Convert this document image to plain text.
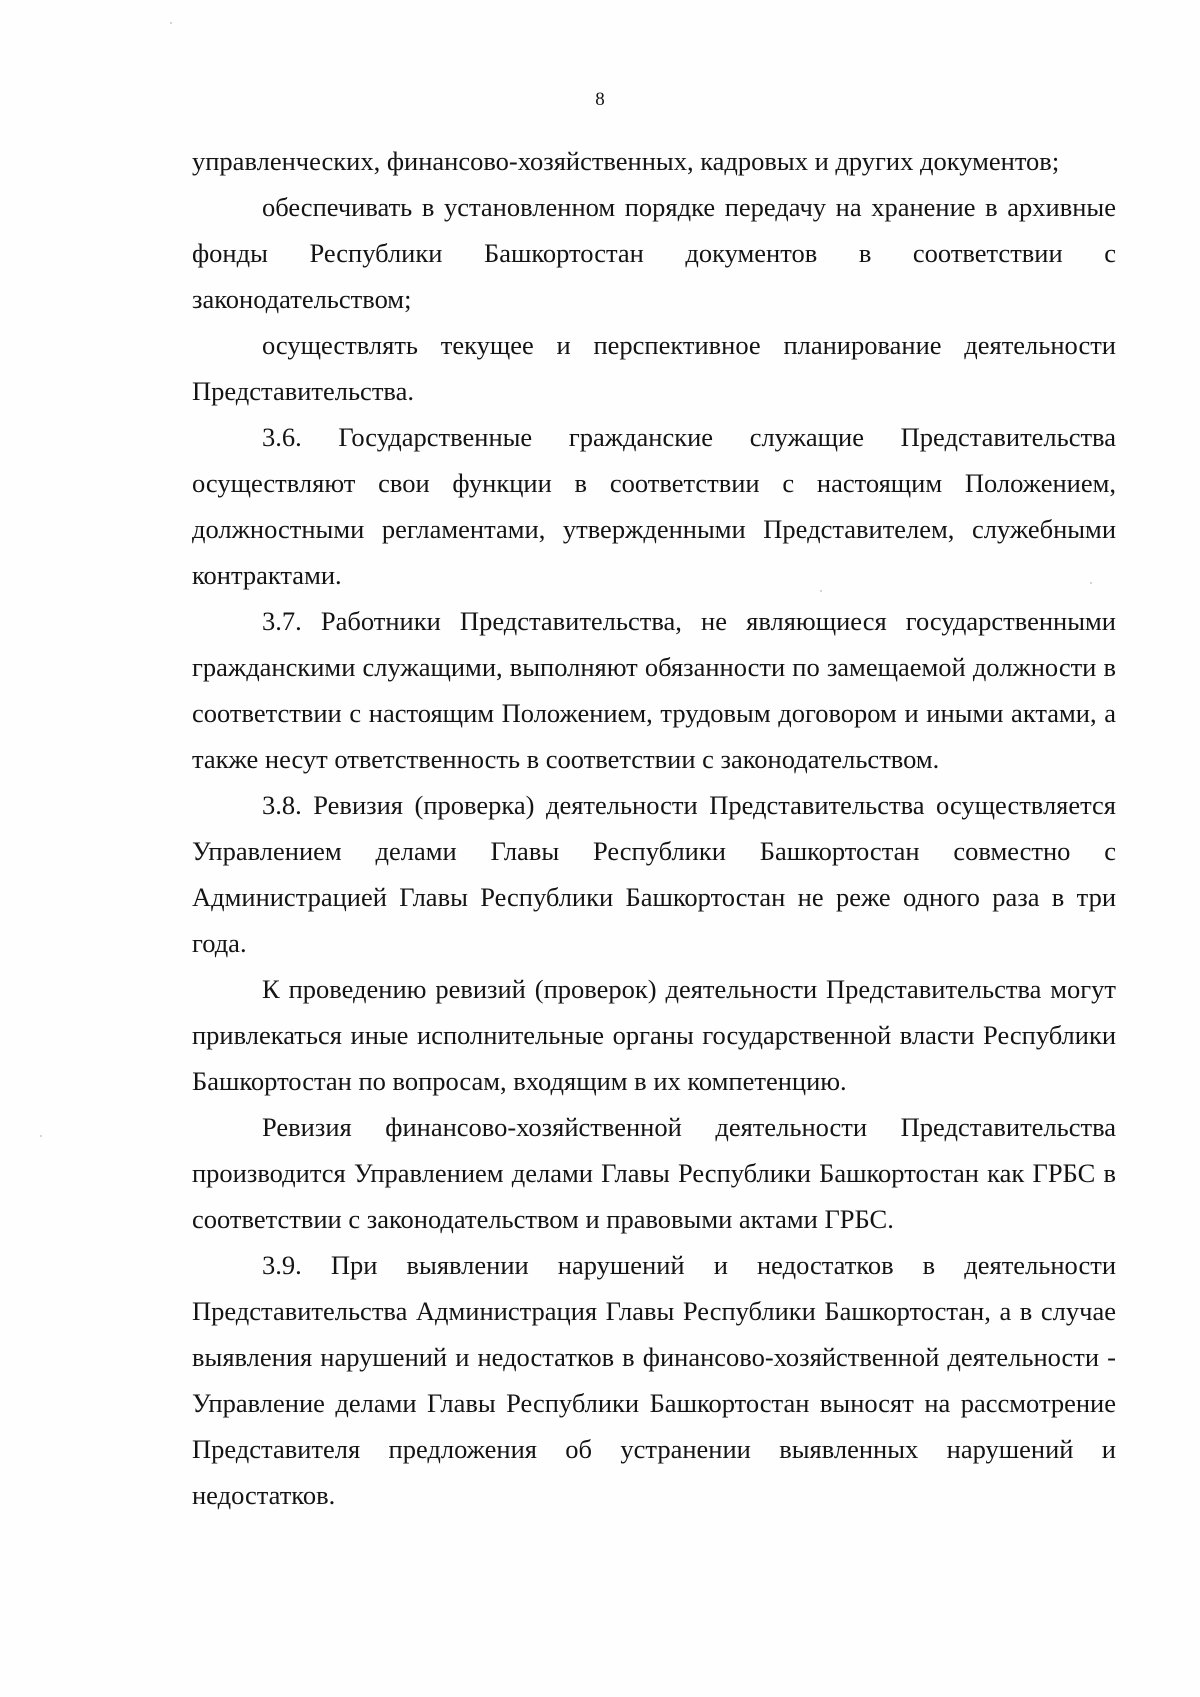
8

управленческих, финансово-хозяйственных, кадровых и других документов;

обеспечивать в установленном порядке передачу на хранение в архивные фонды Республики Башкортостан документов в соответствии с законодательством;

осуществлять текущее и перспективное планирование деятельности Представительства.

3.6. Государственные гражданские служащие Представительства осуществляют свои функции в соответствии с настоящим Положением, должностными регламентами, утвержденными Представителем, служебными контрактами.

3.7. Работники Представительства, не являющиеся государственными гражданскими служащими, выполняют обязанности по замещаемой должности в соответствии с настоящим Положением, трудовым договором и иными актами, а также несут ответственность в соответствии с законодательством.

3.8. Ревизия (проверка) деятельности Представительства осуществляется Управлением делами Главы Республики Башкортостан совместно с Администрацией Главы Республики Башкортостан не реже одного раза в три года.

К проведению ревизий (проверок) деятельности Представительства могут привлекаться иные исполнительные органы государственной власти Республики Башкортостан по вопросам, входящим в их компетенцию.

Ревизия финансово-хозяйственной деятельности Представительства производится Управлением делами Главы Республики Башкортостан как ГРБС в соответствии с законодательством и правовыми актами ГРБС.

3.9. При выявлении нарушений и недостатков в деятельности Представительства Администрация Главы Республики Башкортостан, а в случае выявления нарушений и недостатков в финансово-хозяйственной деятельности - Управление делами Главы Республики Башкортостан выносят на рассмотрение Представителя предложения об устранении выявленных нарушений и недостатков.
